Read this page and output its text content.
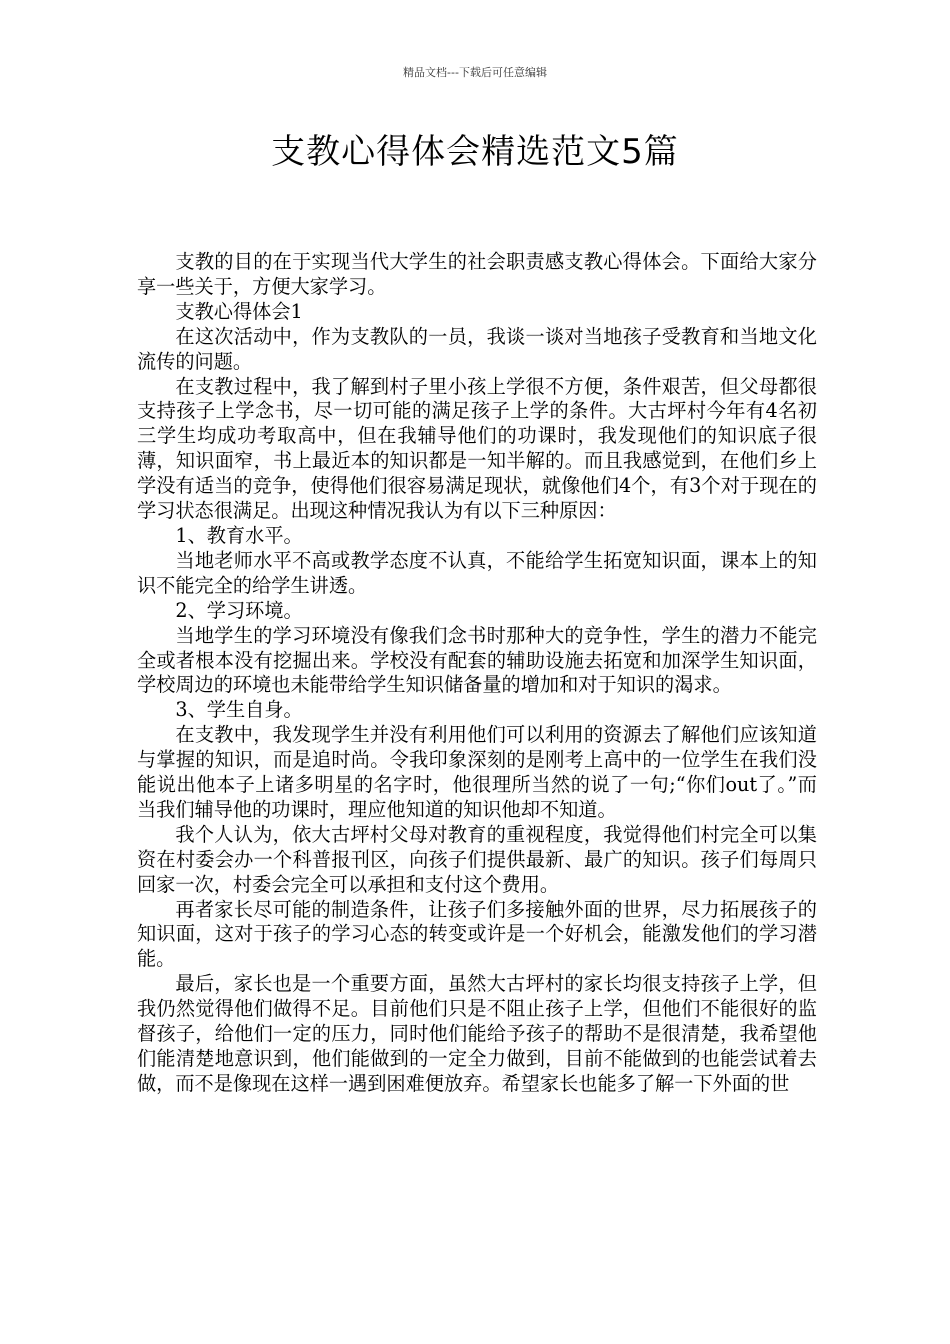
精品文档---下载后可任意编辑
支教心得体会精选范文5篇

支教的目的在于实现当代大学生的社会职责感支教心得体会。下面给大家分享一些关于，方便大家学习。

支教心得体会1

在这次活动中，作为支教队的一员，我谈一谈对当地孩子受教育和当地文化流传的问题。

在支教过程中，我了解到村子里小孩上学很不方便，条件艰苦，但父母都很支持孩子上学念书，尽一切可能的满足孩子上学的条件。大古坪村今年有4名初三学生均成功考取高中，但在我辅导他们的功课时，我发现他们的知识底子很薄，知识面窄，书上最近本的知识都是一知半解的。而且我感觉到，在他们乡上学没有适当的竞争，使得他们很容易满足现状，就像他们4个，有3个对于现在的学习状态很满足。出现这种情况我认为有以下三种原因：

1、教育水平。

当地老师水平不高或教学态度不认真，不能给学生拓宽知识面，课本上的知识不能完全的给学生讲透。

2、学习环境。

当地学生的学习环境没有像我们念书时那种大的竞争性，学生的潜力不能完全或者根本没有挖掘出来。学校没有配套的辅助设施去拓宽和加深学生知识面，学校周边的环境也未能带给学生知识储备量的增加和对于知识的渴求。

3、学生自身。

在支教中，我发现学生并没有利用他们可以利用的资源去了解他们应该知道与掌握的知识，而是追时尚。令我印象深刻的是刚考上高中的一位学生在我们没能说出他本子上诸多明星的名字时，他很理所当然的说了一句;“你们out了。”而当我们辅导他的功课时，理应他知道的知识他却不知道。

我个人认为，依大古坪村父母对教育的重视程度，我觉得他们村完全可以集资在村委会办一个科普报刊区，向孩子们提供最新、最广的知识。孩子们每周只回家一次，村委会完全可以承担和支付这个费用。

再者家长尽可能的制造条件，让孩子们多接触外面的世界，尽力拓展孩子的知识面，这对于孩子的学习心态的转变或许是一个好机会，能激发他们的学习潜能。

最后，家长也是一个重要方面，虽然大古坪村的家长均很支持孩子上学，但我仍然觉得他们做得不足。目前他们只是不阻止孩子上学，但他们不能很好的监督孩子，给他们一定的压力，同时他们能给予孩子的帮助不是很清楚，我希望他们能清楚地意识到，他们能做到的一定全力做到，目前不能做到的也能尝试着去做，而不是像现在这样一遇到困难便放弃。希望家长也能多了解一下外面的世
